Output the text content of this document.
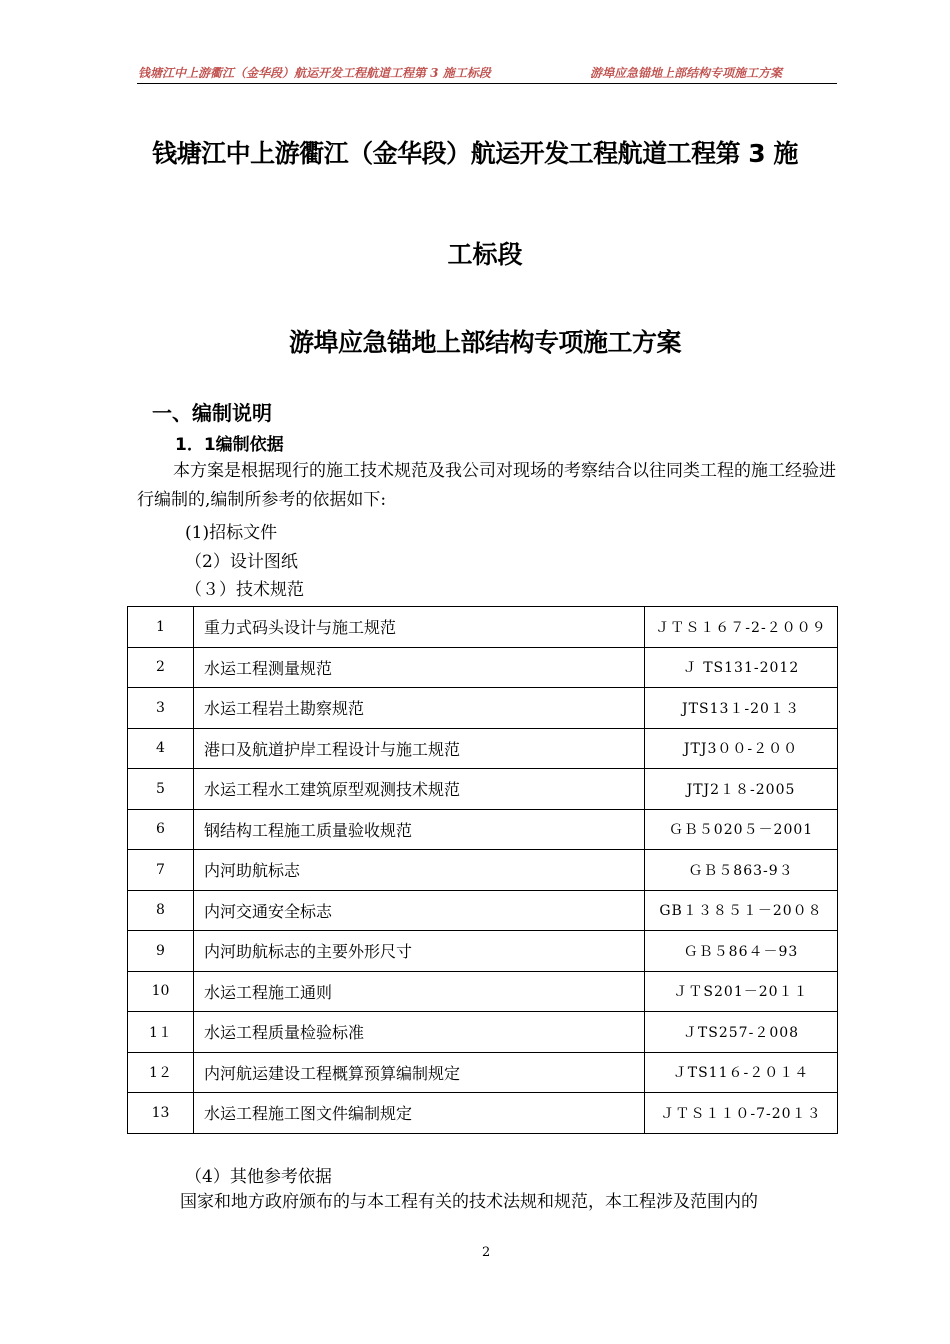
钱塘江中上游衢江（金华段）航运开发工程航道工程第 3 施工标段	游埠应急锚地上部结构专项施工方案
钱塘江中上游衢江（金华段）航运开发工程航道工程第 3 施
工标段
游埠应急锚地上部结构专项施工方案
一、编制说明
1．1编制依据
本方案是根据现行的施工技术规范及我公司对现场的考察结合以往同类工程的施工经验进行编制的,编制所参考的依据如下:
(1)招标文件
（2）设计图纸
（３）技术规范
1	重力式码头设计与施工规范	ＪＴＳ１６７-2-２００９
2	水运工程测量规范	Ｊ TS131-2012
3	水运工程岩土勘察规范	JTS13１-20１３
4	港口及航道护岸工程设计与施工规范	JTJ3００-２００
5	水运工程水工建筑原型观测技术规范	JTJ2１８-2005
6	钢结构工程施工质量验收规范	ＧＢ５020５－2001
7	内河助航标志	ＧＢ５863-9３
8	内河交通安全标志	GB１３８５１－20０８
9	内河助航标志的主要外形尺寸	ＧＢ５86４－93
10	水运工程施工通则	ＪＴS201－20１１
1１	水运工程质量检验标准	ＪTS257-２008
1２	内河航运建设工程概算预算编制规定	ＪTS11６-２０１４
13	水运工程施工图文件编制规定	ＪＴＳ１１０-7-20１３
（4）其他参考依据
国家和地方政府颁布的与本工程有关的技术法规和规范，本工程涉及范围内的
2
